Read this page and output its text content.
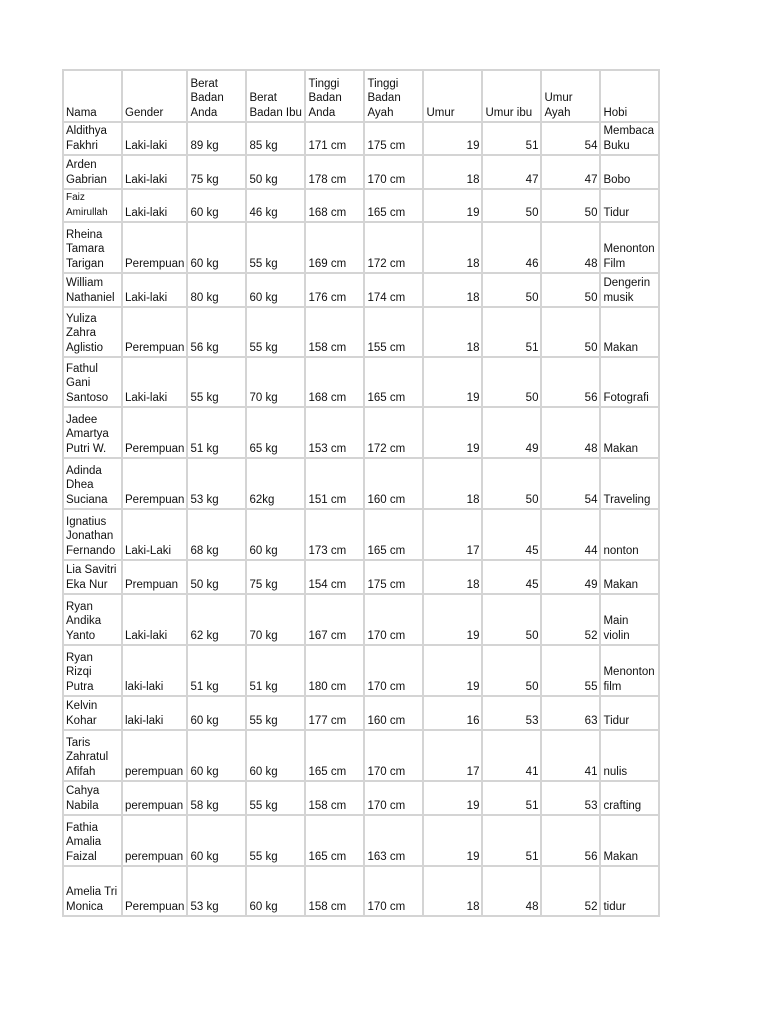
Nama	Gender	Berat Badan Anda	Berat Badan Ibu	Tinggi Badan Anda	Tinggi Badan Ayah	Umur	Umur ibu	Umur Ayah	Hobi
Aldithya Fakhri	Laki-laki	89 kg	85 kg	171 cm	175 cm	19	51	54	Membaca Buku
Arden Gabrian	Laki-laki	75 kg	50 kg	178 cm	170 cm	18	47	47	Bobo
Faiz Amirullah	Laki-laki	60 kg	46 kg	168 cm	165 cm	19	50	50	Tidur
Rheina Tamara Tarigan	Perempuan	60 kg	55 kg	169 cm	172 cm	18	46	48	Menonton Film
William Nathaniel	Laki-laki	80 kg	60 kg	176 cm	174 cm	18	50	50	Dengerin musik
Yuliza Zahra Aglistio	Perempuan	56 kg	55 kg	158 cm	155 cm	18	51	50	Makan
Fathul Gani Santoso	Laki-laki	55 kg	70 kg	168 cm	165 cm	19	50	56	Fotografi
Jadee Amartya Putri W.	Perempuan	51 kg	65 kg	153 cm	172 cm	19	49	48	Makan
Adinda Dhea Suciana	Perempuan	53 kg	62kg	151 cm	160 cm	18	50	54	Traveling
Ignatius Jonathan Fernando	Laki-Laki	68 kg	60 kg	173 cm	165 cm	17	45	44	nonton
Lia Savitri Eka Nur	Prempuan	50 kg	75 kg	154 cm	175 cm	18	45	49	Makan
Ryan Andika Yanto	Laki-laki	62 kg	70 kg	167 cm	170 cm	19	50	52	Main violin
Ryan Rizqi Putra	laki-laki	51 kg	51 kg	180 cm	170 cm	19	50	55	Menonton film
Kelvin Kohar	laki-laki	60 kg	55 kg	177 cm	160 cm	16	53	63	Tidur
Taris Zahratul Afifah	perempuan	60 kg	60 kg	165 cm	170 cm	17	41	41	nulis
Cahya Nabila	perempuan	58 kg	55 kg	158 cm	170 cm	19	51	53	crafting
Fathia Amalia Faizal	perempuan	60 kg	55 kg	165 cm	163 cm	19	51	56	Makan
Amelia Tri Monica	Perempuan	53 kg	60 kg	158 cm	170 cm	18	48	52	tidur
